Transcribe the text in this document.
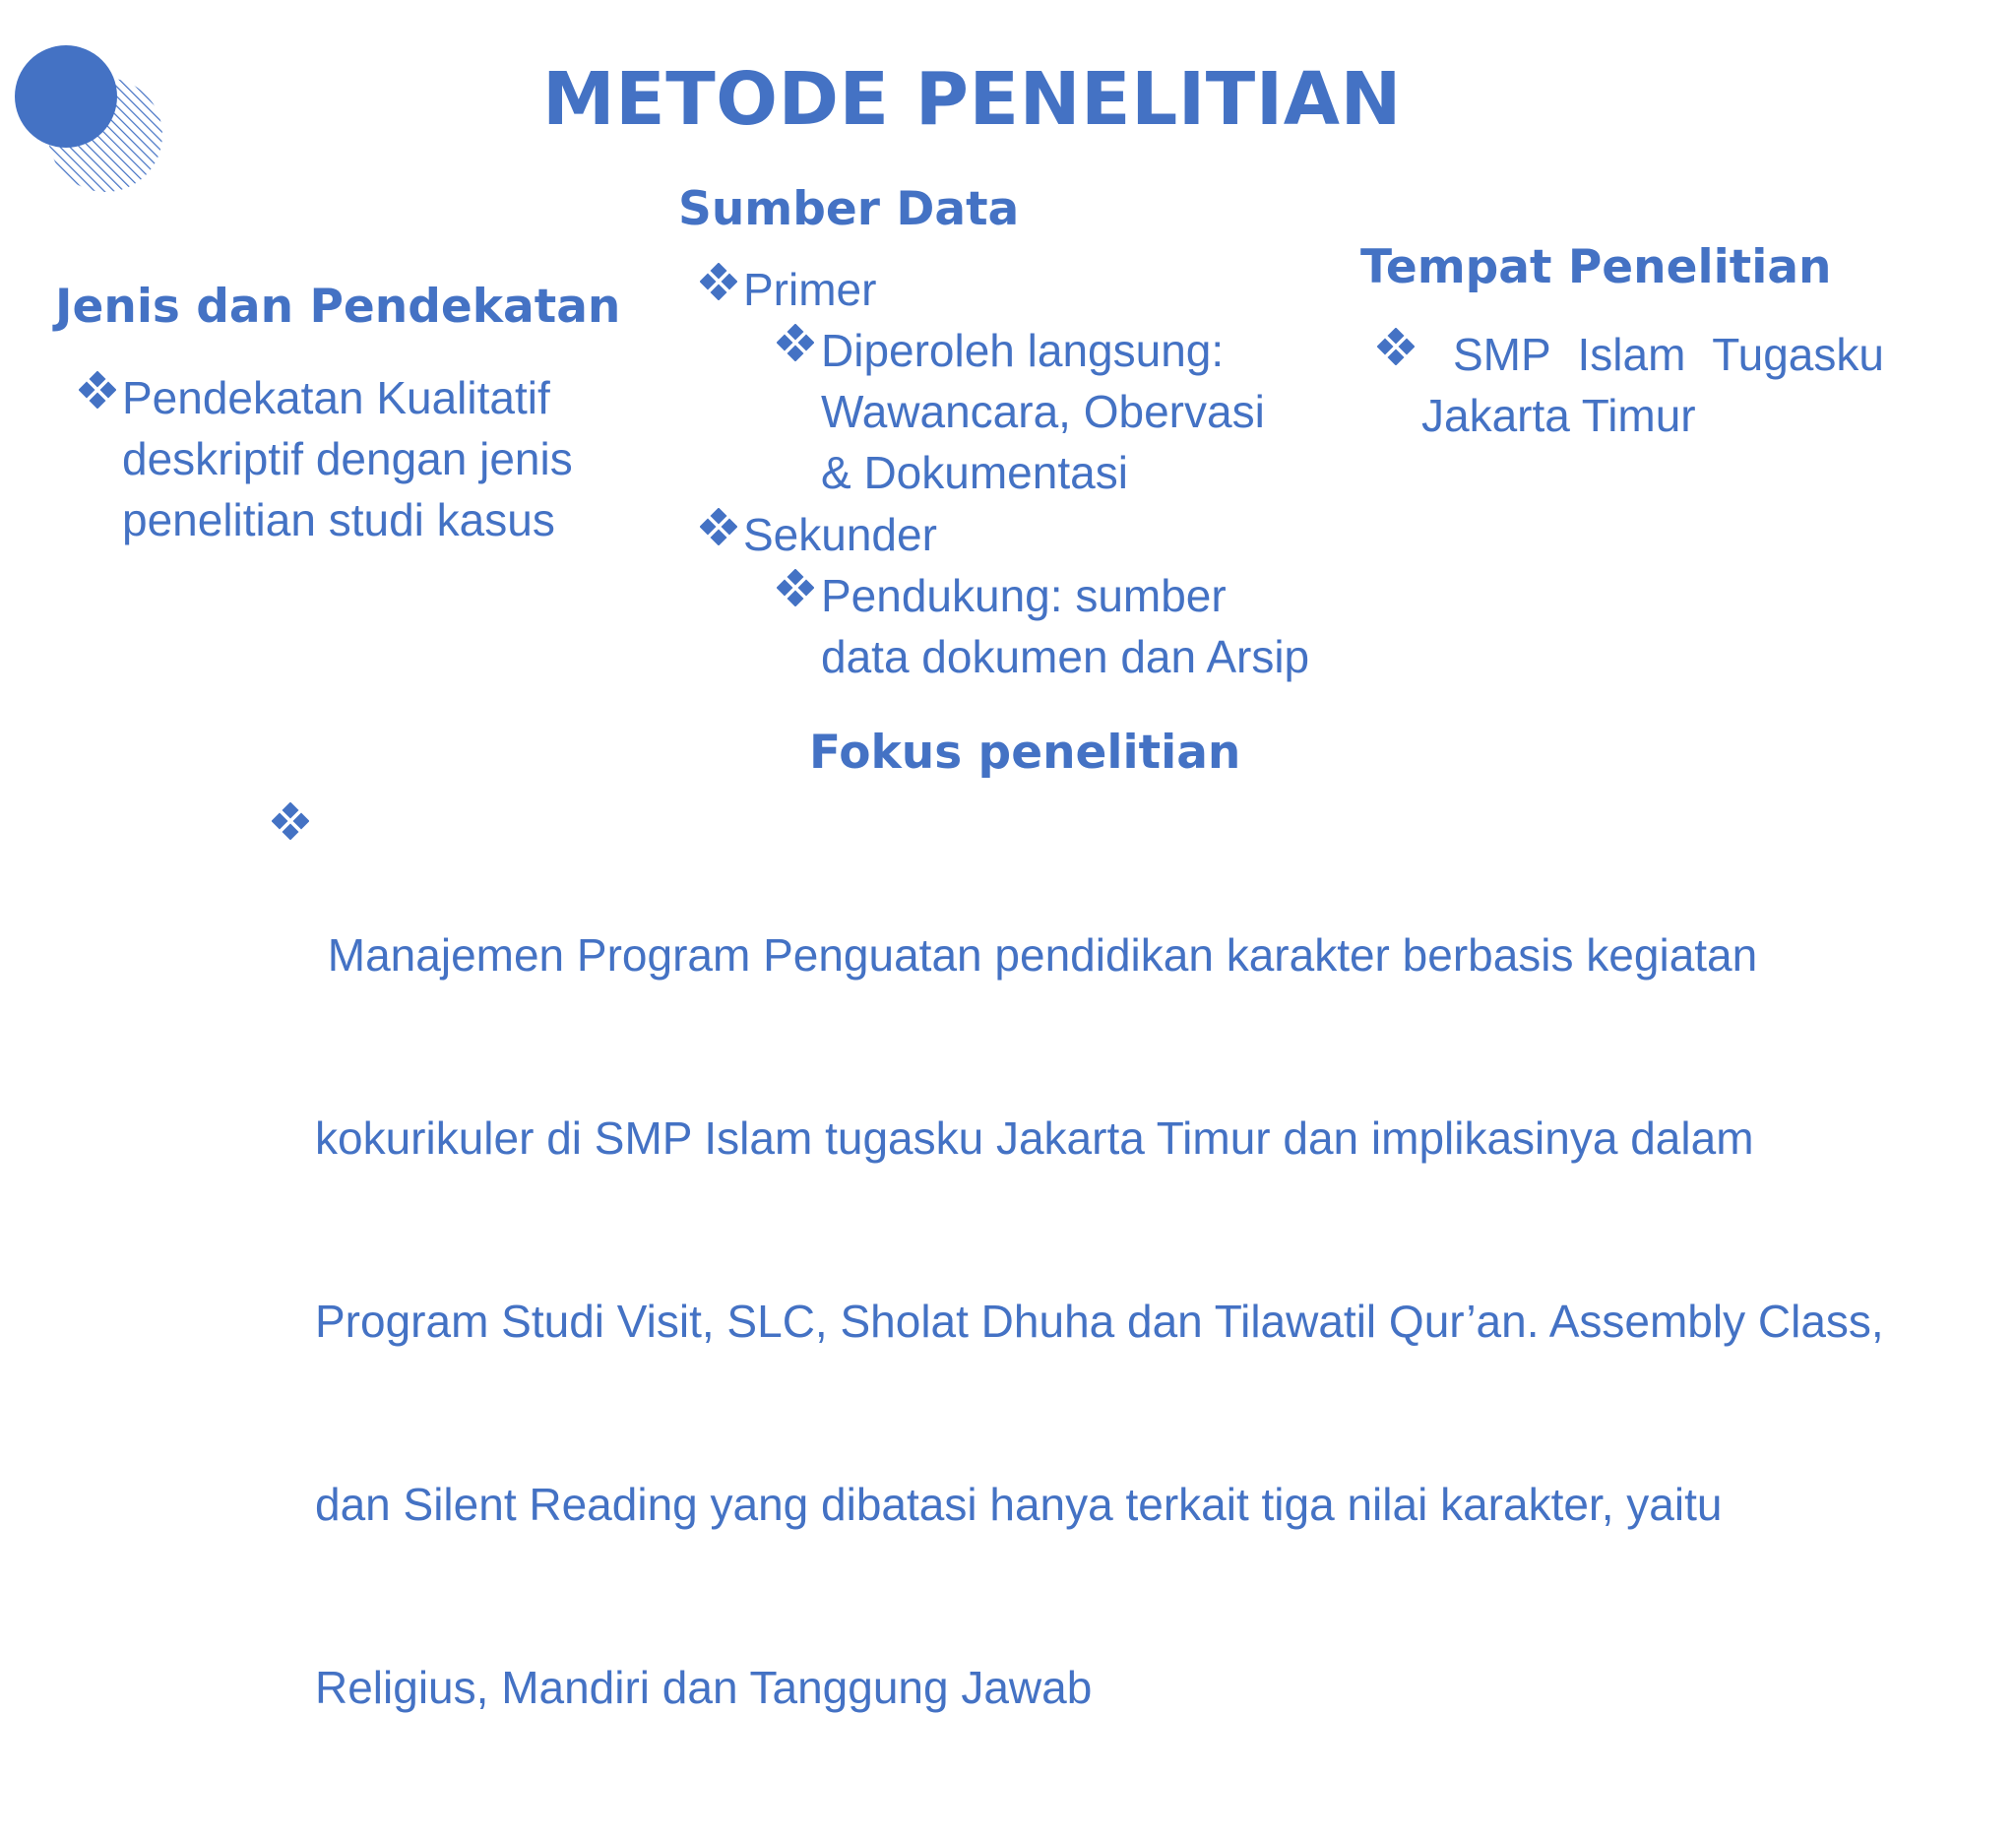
METODE PENELITIAN
Jenis dan Pendekatan
Pendekatan Kualitatif
deskriptif dengan jenis
penelitian studi kasus
Sumber Data
Primer
Diperoleh langsung:
Wawancara, Obervasi
& Dokumentasi
Sekunder
Pendukung: sumber
data dokumen dan Arsip
Tempat Penelitian
SMP Islam Tugasku
Jakarta Timur
Fokus penelitian

Manajemen Program Penguatan pendidikan karakter berbasis kegiatan

kokurikuler di SMP Islam tugasku Jakarta Timur dan implikasinya dalam

Program Studi Visit, SLC, Sholat Dhuha dan Tilawatil Qur’an. Assembly Class,

dan Silent Reading yang dibatasi hanya terkait tiga nilai karakter, yaitu

Religius, Mandiri dan Tanggung Jawab
